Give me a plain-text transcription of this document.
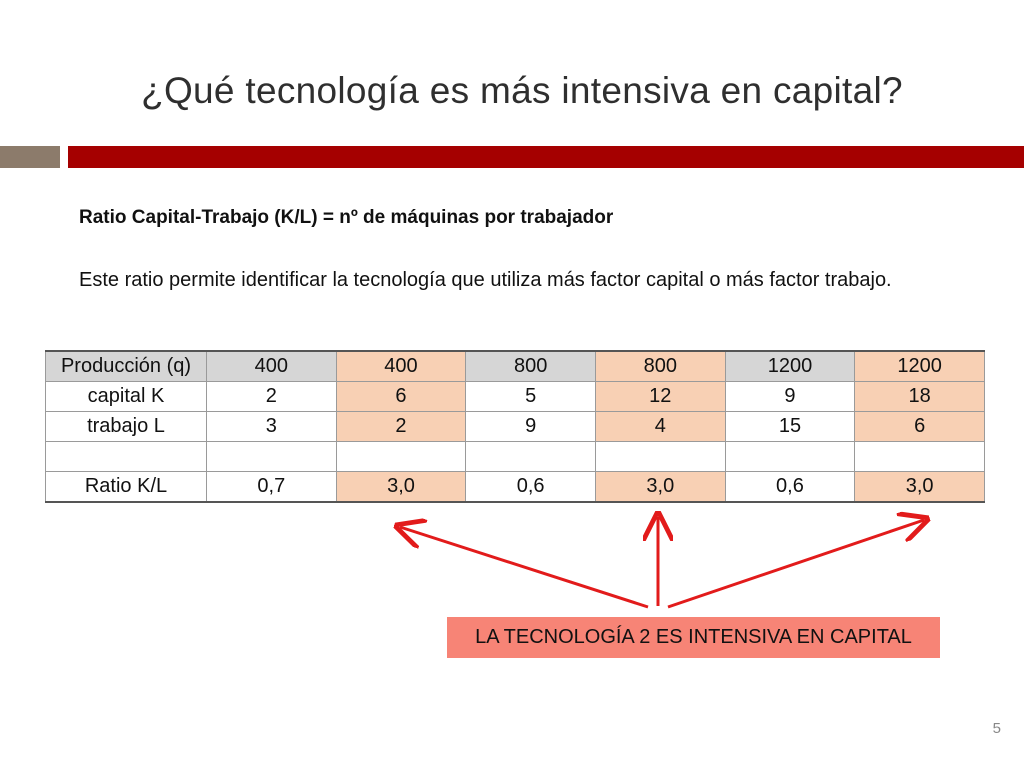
¿Qué tecnología es más intensiva en capital?
Ratio Capital-Trabajo (K/L) = nº de máquinas por trabajador
Este ratio permite identificar la tecnología que utiliza más factor capital o más factor trabajo.
Producción (q)	400	400	800	800	1200	1200
capital K	2	6	5	12	9	18
trabajo L	3	2	9	4	15	6

Ratio K/L	0,7	3,0	0,6	3,0	0,6	3,0
LA TECNOLOGÍA 2 ES INTENSIVA EN CAPITAL
5
